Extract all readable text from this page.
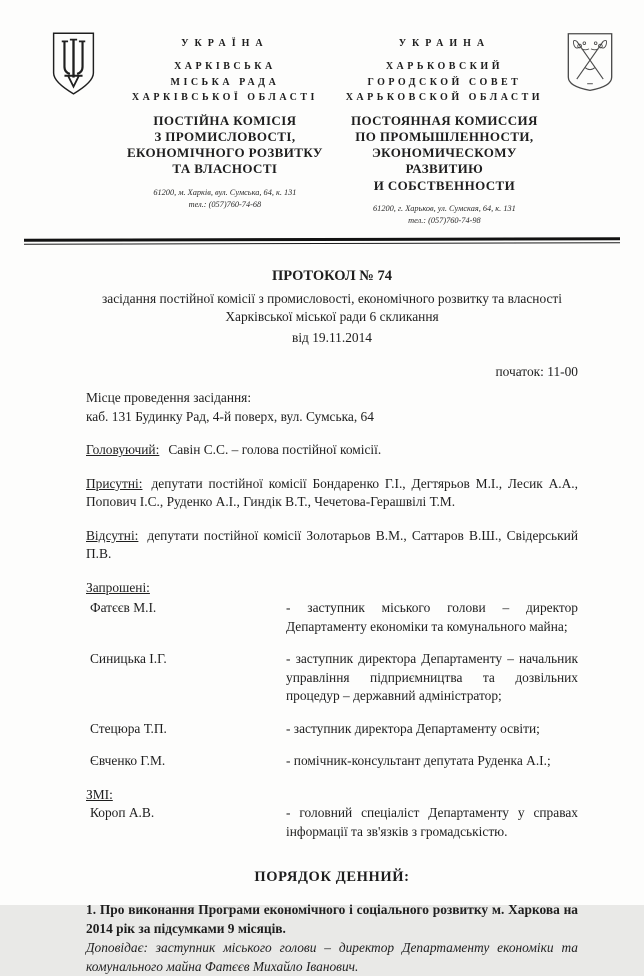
УКРАЇНА
ХАРКІВСЬКА
МІСЬКА РАДА
ХАРКІВСЬКОЇ ОБЛАСТІ
ПОСТІЙНА КОМІСІЯ
З ПРОМИСЛОВОСТІ,
ЕКОНОМІЧНОГО РОЗВИТКУ
ТА ВЛАСНОСТІ
61200, м. Харків, вул. Сумська, 64, к. 131
тел.: (057)760-74-68
УКРАИНА
ХАРЬКОВСКИЙ
ГОРОДСКОЙ СОВЕТ
ХАРЬКОВСКОЙ ОБЛАСТИ
ПОСТОЯННАЯ КОМИССИЯ
ПО ПРОМЫШЛЕННОСТИ,
ЭКОНОМИЧЕСКОМУ
РАЗВИТИЮ
И СОБСТВЕННОСТИ
61200, г. Харьков, ул. Сумская, 64, к. 131
тел.: (057)760-74-98
ПРОТОКОЛ № 74
засідання постійної комісії з промисловості, економічного розвитку та власності Харківської міської ради 6 скликання
від 19.11.2014
початок: 11-00

Місце проведення засідання:

каб. 131 Будинку Рад, 4-й поверх, вул. Сумська, 64

Головуючий: Савін С.С. – голова постійної комісії.

Присутні: депутати постійної комісії Бондаренко Г.І., Дегтярьов М.І., Лесик А.А., Попович І.С., Руденко А.І., Гиндік В.Т., Чечетова-Герашвілі Т.М.

Відсутні: депутати постійної комісії Золотарьов В.М., Саттаров В.Ш., Свідерський П.В.

Запрошені:

Фатєєв М.І.	- заступник міського голови – директор Департаменту економіки та комунального майна;
Синицька І.Г.	- заступник директора Департаменту – начальник управління підприємництва та дозвільних процедур – державний адміністратор;
Стецюра Т.П.	- заступник директора Департаменту освіти;
Євченко Г.М.	- помічник-консультант депутата Руденка А.І.;

ЗМІ:

Короп А.В.	- головний спеціаліст Департаменту у справах інформації та зв'язків з громадськістю.
ПОРЯДОК ДЕННИЙ:

1. Про виконання Програми економічного і соціального розвитку м. Харкова на 2014 рік за підсумками 9 місяців.

Доповідає: заступник міського голови – директор Департаменту економіки та комунального майна Фатєєв Михайло Іванович.
